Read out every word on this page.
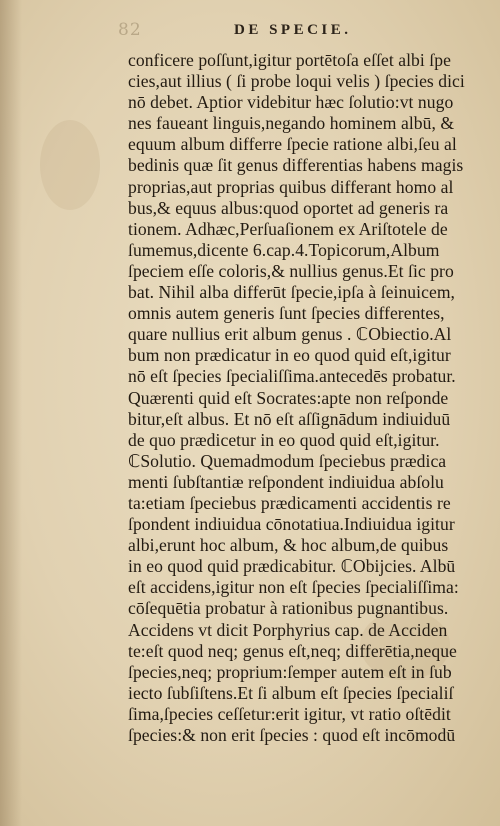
82	DE SPECIE.
conficere poſſunt,igitur portētoſa eſſet albi ſpe
cies,aut illius ( ſi probe loqui velis ) ſpecies dici
nō debet. Aptior videbitur hæc ſolutio:vt nugo
nes faueant linguis,negando hominem albū, &
equum album differre ſpecie ratione albi,ſeu al
bedinis quæ ſit genus differentias habens magis
proprias,aut proprias quibus differant homo al
bus,& equus albus:quod oportet ad generis ra
tionem. Adhæc,Perſuaſionem ex Ariſtotele de
ſumemus,dicente 6.cap.4.Topicorum,Album
ſpeciem eſſe coloris,& nullius genus.Et ſic pro
bat. Nihil alba differūt ſpecie,ipſa à ſeinuicem,
omnis autem generis ſunt ſpecies differentes,
quare nullius erit album genus . ℂObiectio.Al
bum non prædicatur in eo quod quid eſt,igitur
nō eſt ſpecies ſpecialiſſima.antecedēs probatur.
Quærenti quid eſt Socrates:apte non reſponde
bitur,eſt albus. Et nō eſt aſſignādum indiuiduū
de quo prædicetur in eo quod quid eſt,igitur.
ℂSolutio. Quemadmodum ſpeciebus prædica
menti ſubſtantiæ reſpondent indiuidua abſolu
ta:etiam ſpeciebus prædicamenti accidentis re
ſpondent indiuidua cōnotatiua.Indiuidua igitur
albi,erunt hoc album, & hoc album,de quibus
in eo quod quid prædicabitur. ℂObijcies. Albū
eſt accidens,igitur non eſt ſpecies ſpecialiſſima:
cōſequētia probatur à rationibus pugnantibus.
Accidens vt dicit Porphyrius cap. de Acciden
te:eſt quod neq; genus eſt,neq; differētia,neque
ſpecies,neq; proprium:ſemper autem eſt in ſub
iecto ſubſiſtens.Et ſi album eſt ſpecies ſpecialiſ
ſima,ſpecies ceſſetur:erit igitur, vt ratio oſtēdit
ſpecies:& non erit ſpecies : quod eſt incōmodū
